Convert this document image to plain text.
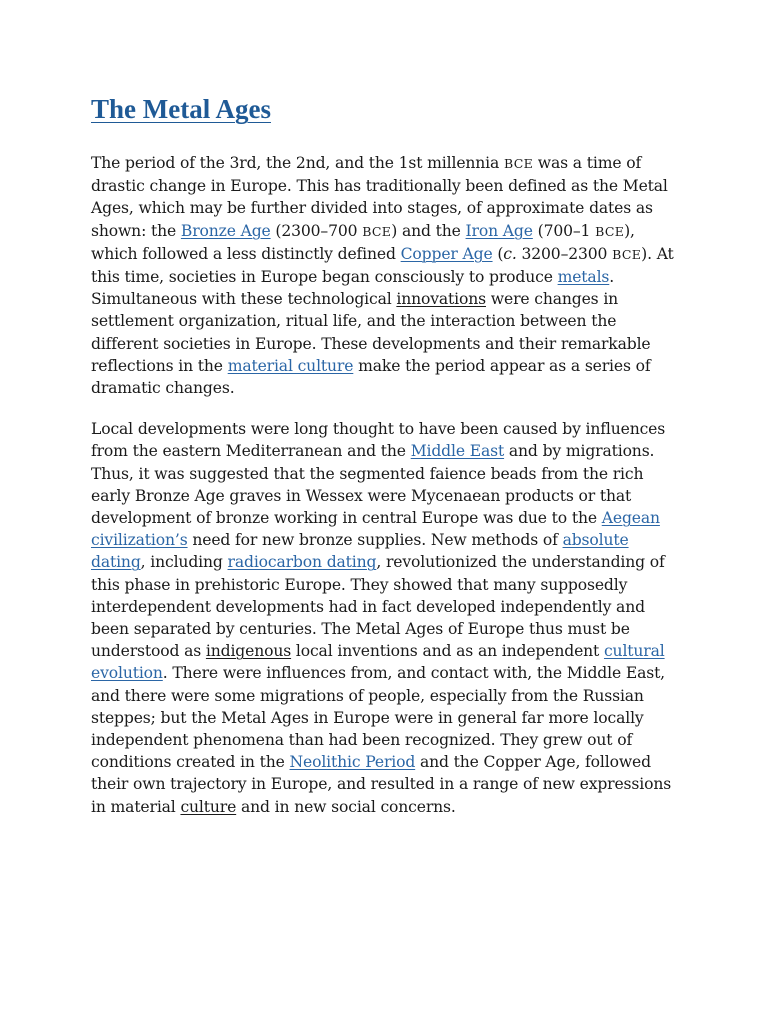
The Metal Ages

The period of the 3rd, the 2nd, and the 1st millennia BCE was a time of drastic change in Europe. This has traditionally been defined as the Metal Ages, which may be further divided into stages, of approximate dates as shown: the Bronze Age (2300–700 BCE) and the Iron Age (700–1 BCE), which followed a less distinctly defined Copper Age (c. 3200–2300 BCE). At this time, societies in Europe began consciously to produce metals. Simultaneous with these technological innovations were changes in settlement organization, ritual life, and the interaction between the different societies in Europe. These developments and their remarkable reflections in the material culture make the period appear as a series of dramatic changes.

Local developments were long thought to have been caused by influences from the eastern Mediterranean and the Middle East and by migrations. Thus, it was suggested that the segmented faience beads from the rich early Bronze Age graves in Wessex were Mycenaean products or that development of bronze working in central Europe was due to the Aegean civilization’s need for new bronze supplies. New methods of absolute dating, including radiocarbon dating, revolutionized the understanding of this phase in prehistoric Europe. They showed that many supposedly interdependent developments had in fact developed independently and been separated by centuries. The Metal Ages of Europe thus must be understood as indigenous local inventions and as an independent cultural evolution. There were influences from, and contact with, the Middle East, and there were some migrations of people, especially from the Russian steppes; but the Metal Ages in Europe were in general far more locally independent phenomena than had been recognized. They grew out of conditions created in the Neolithic Period and the Copper Age, followed their own trajectory in Europe, and resulted in a range of new expressions in material culture and in new social concerns.
